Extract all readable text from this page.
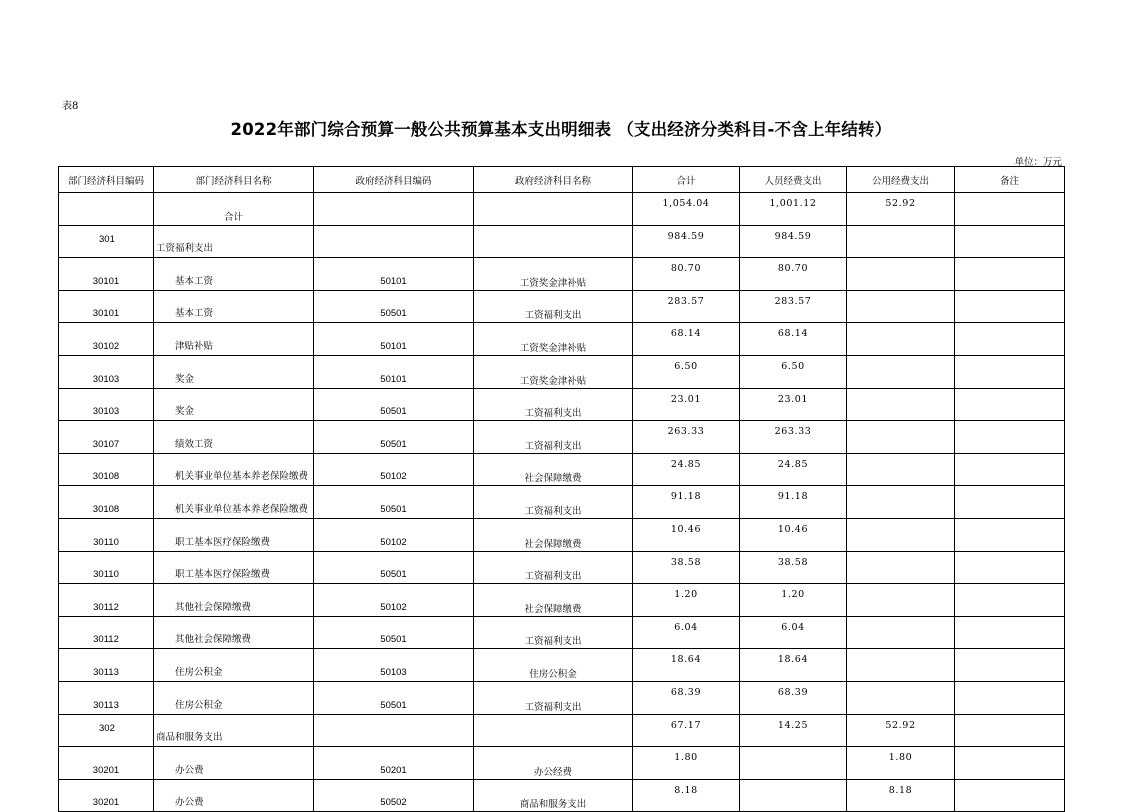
表8
2022年部门综合预算一般公共预算基本支出明细表 （支出经济分类科目-不含上年结转）
单位：万元
部门经济科目编码	部门经济科目名称	政府经济科目编码	政府经济科目名称	合计	人员经费支出	公用经费支出	备注
	合计			1,054.04	1,001.12	52.92	
301	工资福利支出			984.59	984.59		
30101	基本工资	50101	工资奖金津补贴	80.70	80.70		
30101	基本工资	50501	工资福利支出	283.57	283.57		
30102	津贴补贴	50101	工资奖金津补贴	68.14	68.14		
30103	奖金	50101	工资奖金津补贴	6.50	6.50		
30103	奖金	50501	工资福利支出	23.01	23.01		
30107	绩效工资	50501	工资福利支出	263.33	263.33		
30108	机关事业单位基本养老保险缴费	50102	社会保障缴费	24.85	24.85		
30108	机关事业单位基本养老保险缴费	50501	工资福利支出	91.18	91.18		
30110	职工基本医疗保险缴费	50102	社会保障缴费	10.46	10.46		
30110	职工基本医疗保险缴费	50501	工资福利支出	38.58	38.58		
30112	其他社会保障缴费	50102	社会保障缴费	1.20	1.20		
30112	其他社会保障缴费	50501	工资福利支出	6.04	6.04		
30113	住房公积金	50103	住房公积金	18.64	18.64		
30113	住房公积金	50501	工资福利支出	68.39	68.39		
302	商品和服务支出			67.17	14.25	52.92	
30201	办公费	50201	办公经费	1.80		1.80	
30201	办公费	50502	商品和服务支出	8.18		8.18	
